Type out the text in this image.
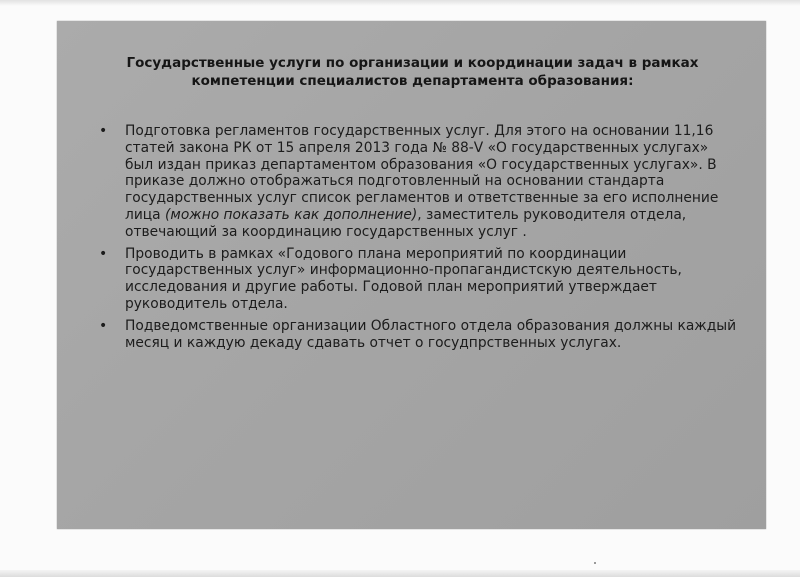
Государственные услуги по организации и координации задач в рамках компетенции специалистов департамента образования:
• Подготовка регламентов государственных услуг. Для этого на основании 11,16 статей закона РК от 15 апреля 2013 года № 88-V «О государственных услугах» был издан приказ департаментом образования «О государственных услугах». В приказе должно отображаться подготовленный на основании стандарта государственных услуг список регламентов и ответственные за его исполнение лица (можно показать как дополнение), заместитель руководителя отдела, отвечающий за координацию государственных услуг .
• Проводить в рамках «Годового плана мероприятий по координации государственных услуг» информационно-пропагандистскую деятельность, исследования и другие работы. Годовой план мероприятий утверждает руководитель отдела.
• Подведомственные организации Областного отдела образования должны каждый месяц и каждую декаду сдавать отчет о госудпрственных услугах.
